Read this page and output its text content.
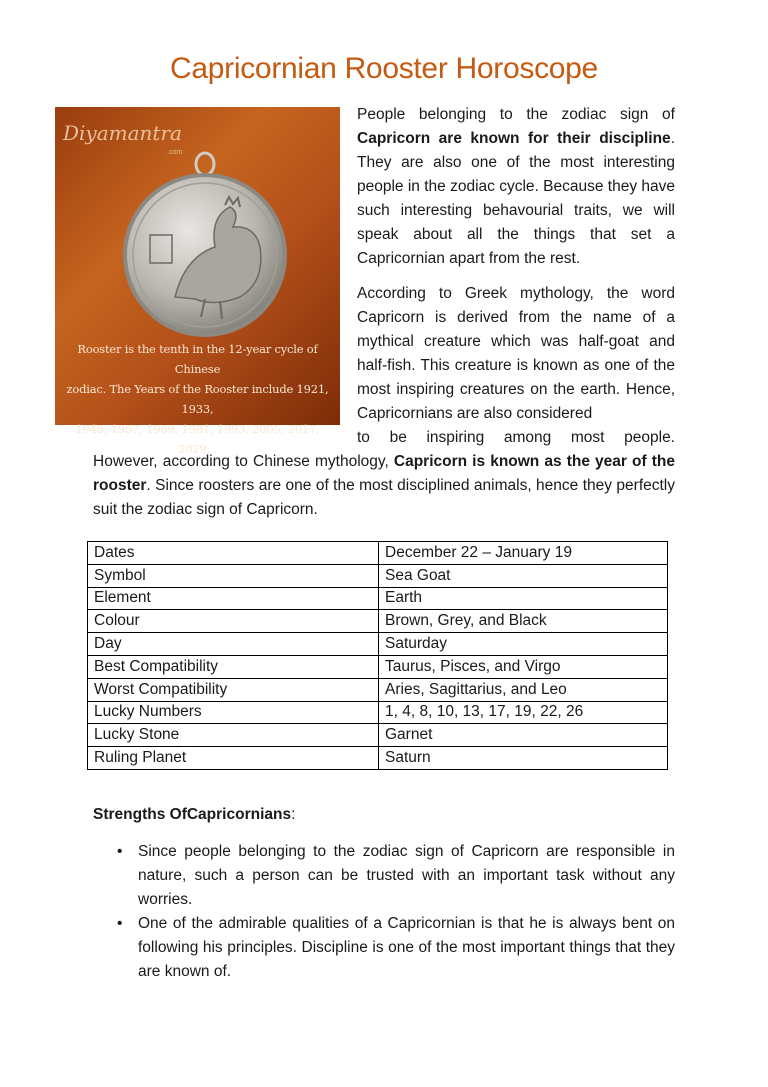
Capricornian Rooster Horoscope
Diyamantra
.com
Rooster is the tenth in the 12-year cycle of Chinese
zodiac. The Years of the Rooster include 1921, 1933,
1945, 1957, 1969, 1981, 1993, 2005, 2017, 2029...
People belonging to the zodiac sign of Capricorn are known for their discipline. They are also one of the most interesting people in the zodiac cycle. Because they have such interesting behavourial traits, we will speak about all the things that set a Capricornian apart from the rest.
According to Greek mythology, the word Capricorn is derived from the name of a mythical creature which was half-goat and half-fish. This creature is known as one of the most inspiring creatures on the earth. Hence, Capricornians are also considered
to be inspiring among most people.
However, according to Chinese mythology, Capricorn is known as the year of the rooster. Since roosters are one of the most disciplined animals, hence they perfectly suit the zodiac sign of Capricorn.
Dates	December 22 – January 19
Symbol	Sea Goat
Element	Earth
Colour	Brown, Grey, and Black
Day	Saturday
Best Compatibility	Taurus, Pisces, and Virgo
Worst Compatibility	Aries, Sagittarius, and Leo
Lucky Numbers	1, 4, 8, 10, 13, 17, 19, 22, 26
Lucky Stone	Garnet
Ruling Planet	Saturn
Strengths OfCapricornians:
• Since people belonging to the zodiac sign of Capricorn are responsible in nature, such a person can be trusted with an important task without any worries.
• One of the admirable qualities of a Capricornian is that he is always bent on following his principles. Discipline is one of the most important things that they are known of.
